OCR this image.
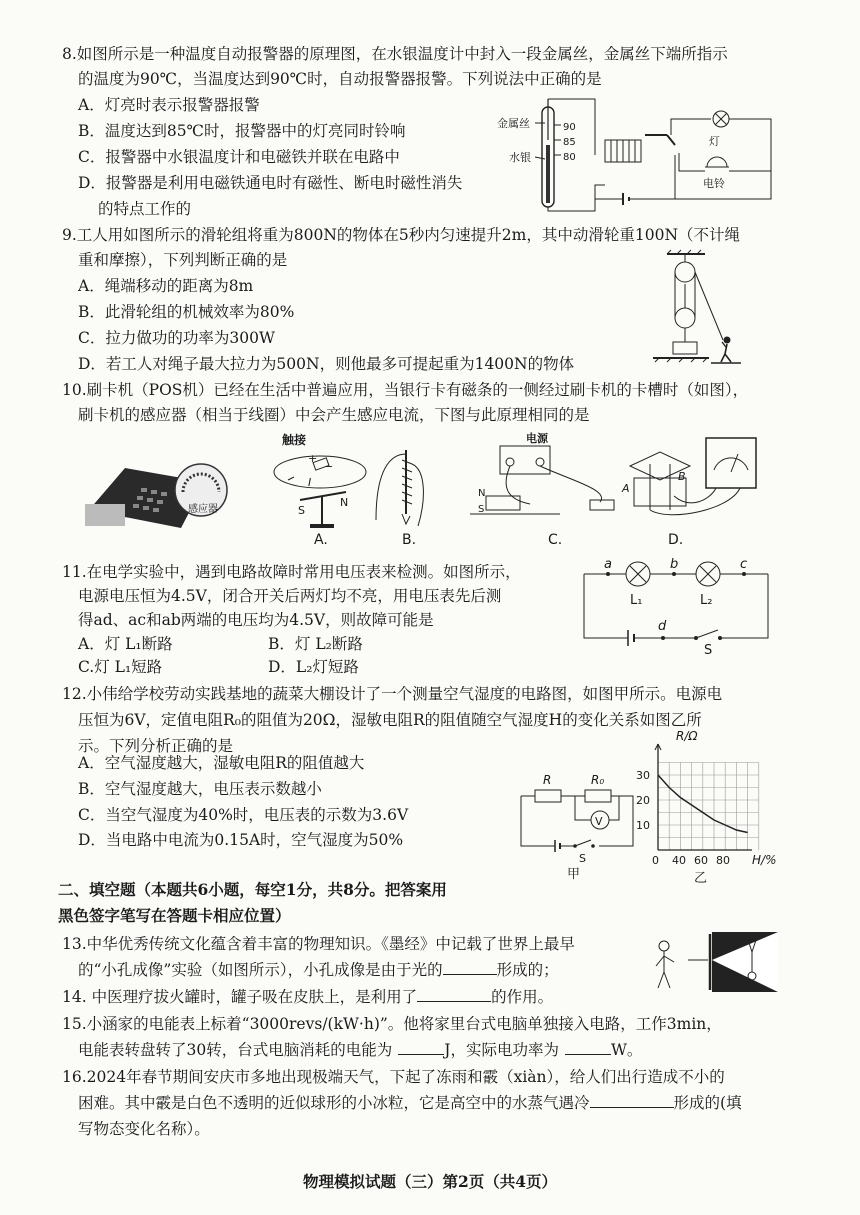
8.如图所示是一种温度自动报警器的原理图，在水银温度计中封入一段金属丝，金属丝下端所指示
的温度为90℃，当温度达到90℃时，自动报警器报警。下列说法中正确的是
A．灯亮时表示报警器报警
B．温度达到85℃时，报警器中的灯亮同时铃响
C．报警器中水银温度计和电磁铁并联在电路中
D．报警器是利用电磁铁通电时有磁性、断电时磁性消失
的特点工作的
金属丝
水银
90
85
80
灯
电铃
9.工人用如图所示的滑轮组将重为800N的物体在5秒内匀速提升2m，其中动滑轮重100N（不计绳
重和摩擦），下列判断正确的是
A．绳端移动的距离为8m
B．此滑轮组的机械效率为80%
C．拉力做功的功率为300W
D．若工人对绳子最大拉力为500N，则他最多可提起重为1400N的物体
10.刷卡机（POS机）已经在生活中普遍应用，当银行卡有磁条的一侧经过刷卡机的卡槽时（如图），
刷卡机的感应器（相当于线圈）中会产生感应电流，下图与此原理相同的是
感应器
触接
+
−
I
S
N
A.	B.
电源
N
S
C.
A
B
D.
11.在电学实验中，遇到电路故障时常用电压表来检测。如图所示，
电源电压恒为4.5V，闭合开关后两灯均不亮，用电压表先后测
得ad、ac和ab两端的电压均为4.5V，则故障可能是
A．灯 L₁断路	B．灯 L₂断路
C.灯 L₁短路	D．L₂灯短路
d
S
a
L₁
b
L₂
c
12.小伟给学校劳动实践基地的蔬菜大棚设计了一个测量空气湿度的电路图，如图甲所示。电源电
压恒为6V，定值电阻R₀的阻值为20Ω，湿敏电阻R的阻值随空气湿度H的变化关系如图乙所
示。下列分析正确的是
A．空气湿度越大，湿敏电阻R的阻值越大
B．空气湿度越大，电压表示数越小
C．当空气湿度为40%时，电压表的示数为3.6V
D．当电路中电流为0.15A时，空气湿度为50%
R	R₀
V
S
甲
R/Ω
30
20
10
0 40 60 80 H/%
乙
二、填空题（本题共6小题，每空1分，共8分。把答案用
黑色签字笔写在答题卡相应位置）
13.中华优秀传统文化蕴含着丰富的物理知识。《墨经》中记载了世界上最早
的“小孔成像”实验（如图所示），小孔成像是由于光的	形成的；
14. 中医理疗拔火罐时，罐子吸在皮肤上，是利用了	的作用。
15.小涵家的电能表上标着“3000revs/(kW·h)”。他将家里台式电脑单独接入电路，工作3min，
电能表转盘转了30转，台式电脑消耗的电能为	J，实际电功率为	W。
16.2024年春节期间安庆市多地出现极端天气，下起了冻雨和霰（xiàn），给人们出行造成不小的
困难。其中霰是白色不透明的近似球形的小冰粒，它是高空中的水蒸气遇冷	形成的(填
写物态变化名称）。
物理模拟试题（三）第2页（共4页）
